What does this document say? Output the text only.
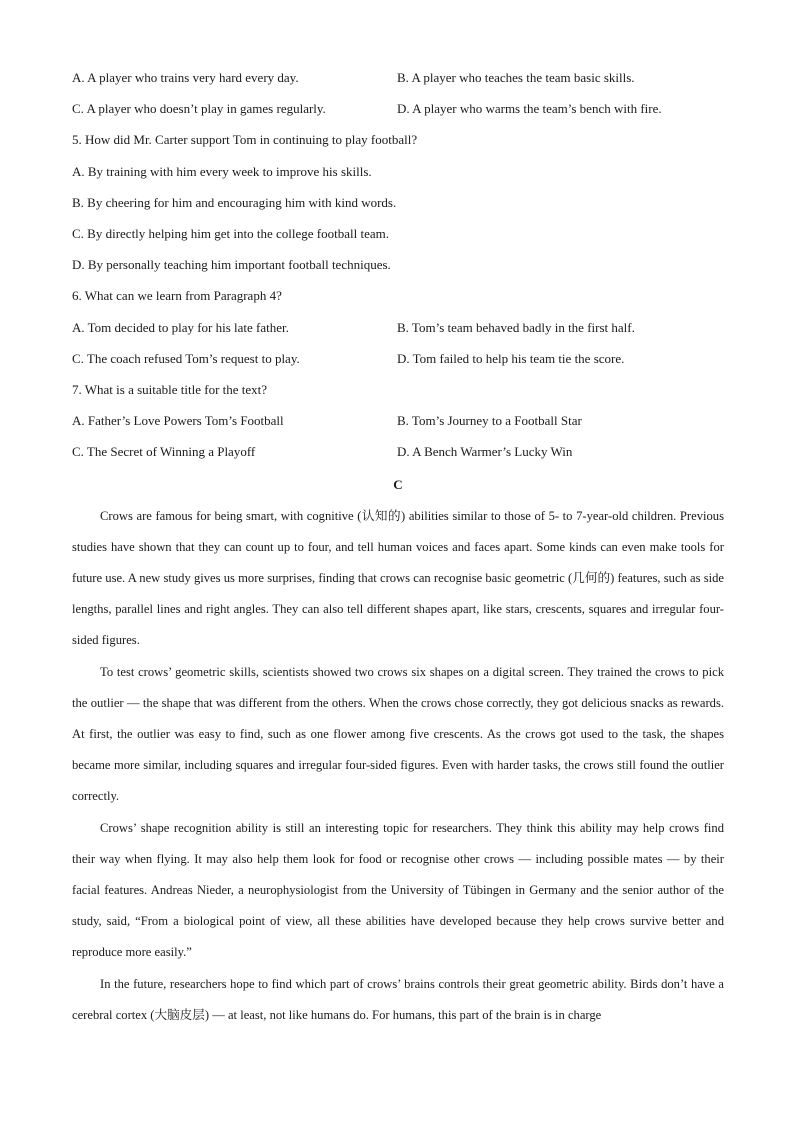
A. A player who trains very hard every day.	B. A player who teaches the team basic skills.
C. A player who doesn’t play in games regularly.	D. A player who warms the team’s bench with fire.
5. How did Mr. Carter support Tom in continuing to play football?
A. By training with him every week to improve his skills.
B. By cheering for him and encouraging him with kind words.
C. By directly helping him get into the college football team.
D. By personally teaching him important football techniques.
6. What can we learn from Paragraph 4?
A. Tom decided to play for his late father.	B. Tom’s team behaved badly in the first half.
C. The coach refused Tom’s request to play.	D. Tom failed to help his team tie the score.
7. What is a suitable title for the text?
A. Father’s Love Powers Tom’s Football	B. Tom’s Journey to a Football Star
C. The Secret of Winning a Playoff	D. A Bench Warmer’s Lucky Win
C

Crows are famous for being smart, with cognitive (认知的) abilities similar to those of 5- to 7-year-old children. Previous studies have shown that they can count up to four, and tell human voices and faces apart. Some kinds can even make tools for future use. A new study gives us more surprises, finding that crows can recognise basic geometric (几何的) features, such as side lengths, parallel lines and right angles. They can also tell different shapes apart, like stars, crescents, squares and irregular four-sided figures.

To test crows’ geometric skills, scientists showed two crows six shapes on a digital screen. They trained the crows to pick the outlier — the shape that was different from the others. When the crows chose correctly, they got delicious snacks as rewards. At first, the outlier was easy to find, such as one flower among five crescents. As the crows got used to the task, the shapes became more similar, including squares and irregular four-sided figures. Even with harder tasks, the crows still found the outlier correctly.

Crows’ shape recognition ability is still an interesting topic for researchers. They think this ability may help crows find their way when flying. It may also help them look for food or recognise other crows — including possible mates — by their facial features. Andreas Nieder, a neurophysiologist from the University of Tübingen in Germany and the senior author of the study, said, “From a biological point of view, all these abilities have developed because they help crows survive better and reproduce more easily.”

In the future, researchers hope to find which part of crows’ brains controls their great geometric ability. Birds don’t have a cerebral cortex (大脑皮层) — at least, not like humans do. For humans, this part of the brain is in charge
